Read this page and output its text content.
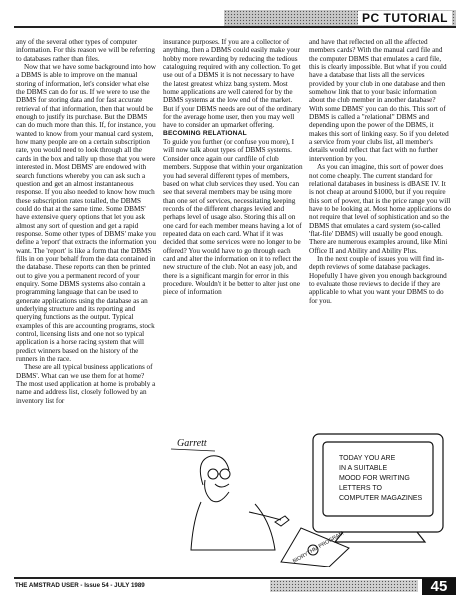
PC TUTORIAL

any of the several other types of computer information. For this reason we will be referring to databases rather than files.

Now that we have some background into how a DBMS is able to improve on the manual storing of information, let's consider what else the DBMS can do for us. If we were to use the DBMS for storing data and for fast accurate retrieval of that information, then that would be enough to justify its purchase. But the DBMS can do much more than this. If, for instance, you wanted to know from your manual card system, how many people are on a certain subscription rate, you would need to look through all the cards in the box and tally up those that you were interested in. Most DBMS' are endowed with search functions whereby you can ask such a question and get an almost instantaneous response. If you also needed to know how much these subscription rates totalled, the DBMS could do that at the same time. Some DBMS' have extensive query options that let you ask almost any sort of question and get a rapid response. Some other types of DBMS' make you define a 'report' that extracts the information you want. The 'report' is like a form that the DBMS fills in on your behalf from the data contained in the database. These reports can then be printed out to give you a permanent record of your enquiry. Some DBMS systems also contain a programming language that can be used to generate applications using the database as an underlying structure and its reporting and querying functions as the output. Typical examples of this are accounting programs, stock control, licensing lists and one not so typical application is a horse racing system that will predict winners based on the history of the runners in the race.

These are all typical business applications of DBMS'. What can we use them for at home? The most used application at home is probably a name and address list, closely followed by an inventory list for

insurance purposes. If you are a collector of anything, then a DBMS could easily make your hobby more rewarding by reducing the tedious cataloguing required with any collection. To get use out of a DBMS it is not necessary to have the latest greatest whizz bang system. Most home applications are well catered for by the DBMS systems at the low end of the market. But if your DBMS needs are out of the ordinary for the average home user, then you may well have to consider an upmarket offering.

BECOMING RELATIONAL

To guide you further (or confuse you more), I will now talk about types of DBMS systems. Consider once again our cardfile of club members. Suppose that within your organization you had several different types of members, based on what club services they used. You can see that several members may be using more than one set of services, necessitating keeping records of the different charges levied and perhaps level of usage also. Storing this all on one card for each member means having a lot of repeated data on each card. What if it was decided that some services were no longer to be offered? You would have to go through each card and alter the information on it to reflect the new structure of the club. Not an easy job, and there is a significant margin for error in this procedure. Wouldn't it be better to alter just one piece of information

and have that reflected on all the affected members cards? With the manual card file and the computer DBMS that emulates a card file, this is clearly impossible. But what if you could have a database that lists all the services provided by your club in one database and then somehow link that to your basic information about the club member in another database? With some DBMS' you can do this. This sort of DBMS is called a "relational" DBMS and depending upon the power of the DBMS, it makes this sort of linking easy. So if you deleted a service from your clubs list, all member's details would reflect that fact with no further intervention by you.

As you can imagine, this sort of power does not come cheaply. The current standard for relational databases in business is dBASE IV. It is not cheap at around $1000, but if you require this sort of power, that is the price range you will have to be looking at. Most home applications do not require that level of sophistication and so the DBMS that emulates a card system (so-called 'flat-file' DBMS) will usually be good enough. There are numerous examples around, like Mini Office II and Ability and Ability Plus.

In the next couple of issues you will find in-depth reviews of some database packages. Hopefully I have given you enough background to evaluate those reviews to decide if they are applicable to what you want your DBMS to do for you.

Garrett
TODAY YOU ARE
IN A SUITABLE
MOOD FOR WRITING
LETTERS TO
COMPUTER MAGAZINES
BIORYTHM PROGRAM
THE AMSTRAD USER - Issue 54 - JULY 1989	45
